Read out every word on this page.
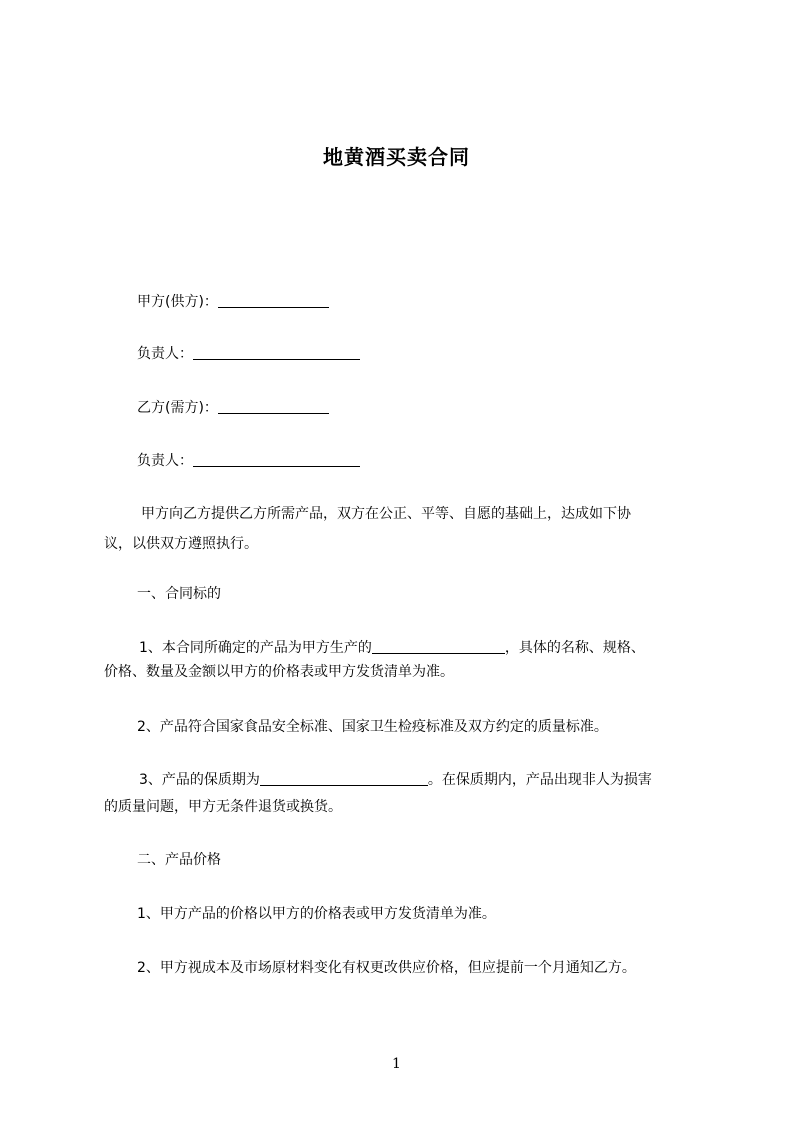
地黄酒买卖合同
甲方(供方)：
负责人：
乙方(需方)：
负责人：
甲方向乙方提供乙方所需产品，双方在公正、平等、自愿的基础上，达成如下协
议，以供双方遵照执行。
一、合同标的
1、本合同所确定的产品为甲方生产的	，具体的名称、规格、
价格、数量及金额以甲方的价格表或甲方发货清单为准。
2、产品符合国家食品安全标准、国家卫生检疫标准及双方约定的质量标准。
3、产品的保质期为	。在保质期内，产品出现非人为损害
的质量问题，甲方无条件退货或换货。
二、产品价格
1、甲方产品的价格以甲方的价格表或甲方发货清单为准。
2、甲方视成本及市场原材料变化有权更改供应价格，但应提前一个月通知乙方。
1
